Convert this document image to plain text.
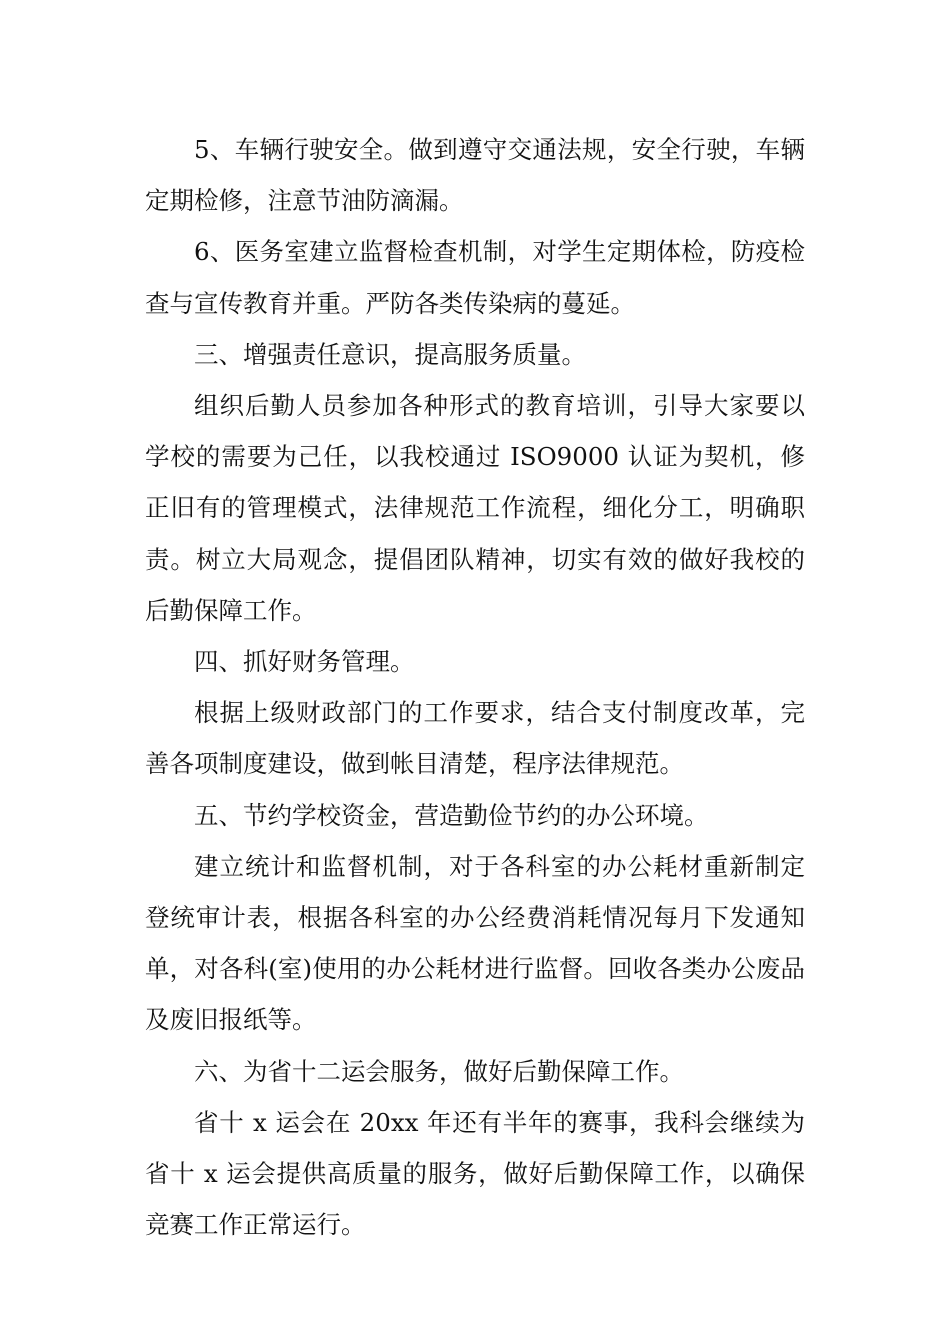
5、车辆行驶安全。做到遵守交通法规，安全行驶，车辆定期检修，注意节油防滴漏。

6、医务室建立监督检查机制，对学生定期体检，防疫检查与宣传教育并重。严防各类传染病的蔓延。

三、增强责任意识，提高服务质量。

组织后勤人员参加各种形式的教育培训，引导大家要以学校的需要为己任，以我校通过 ISO9000 认证为契机，修正旧有的管理模式，法律规范工作流程，细化分工，明确职责。树立大局观念，提倡团队精神，切实有效的做好我校的后勤保障工作。

四、抓好财务管理。

根据上级财政部门的工作要求，结合支付制度改革，完善各项制度建设，做到帐目清楚，程序法律规范。

五、节约学校资金，营造勤俭节约的办公环境。

建立统计和监督机制，对于各科室的办公耗材重新制定登统审计表，根据各科室的办公经费消耗情况每月下发通知单，对各科(室)使用的办公耗材进行监督。回收各类办公废品及废旧报纸等。

六、为省十二运会服务，做好后勤保障工作。

省十 x 运会在 20xx 年还有半年的赛事，我科会继续为省十 x 运会提供高质量的服务，做好后勤保障工作，以确保竞赛工作正常运行。
